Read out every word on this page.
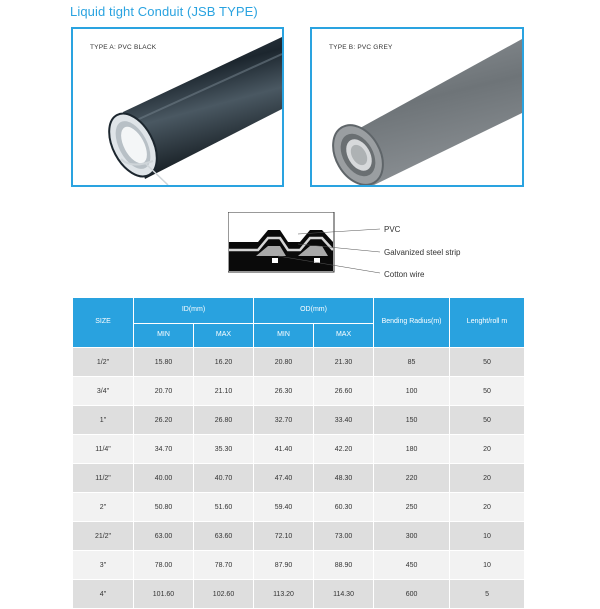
Liquid tight Conduit (JSB TYPE)
TYPE A: PVC BLACK	TYPE B: PVC GREY
PVC
Galvanized steel strip
Cotton wire
SIZE	ID(mm)		OD(mm)		Bending Radius(m)	Lenght/roll m
	MIN	MAX	MIN	MAX		
1/2"	15.80	16.20	20.80	21.30	85	50
3/4"	20.70	21.10	26.30	26.60	100	50
1"	26.20	26.80	32.70	33.40	150	50
11/4"	34.70	35.30	41.40	42.20	180	20
11/2"	40.00	40.70	47.40	48.30	220	20
2"	50.80	51.60	59.40	60.30	250	20
21/2"	63.00	63.60	72.10	73.00	300	10
3"	78.00	78.70	87.90	88.90	450	10
4"	101.60	102.60	113.20	114.30	600	5
